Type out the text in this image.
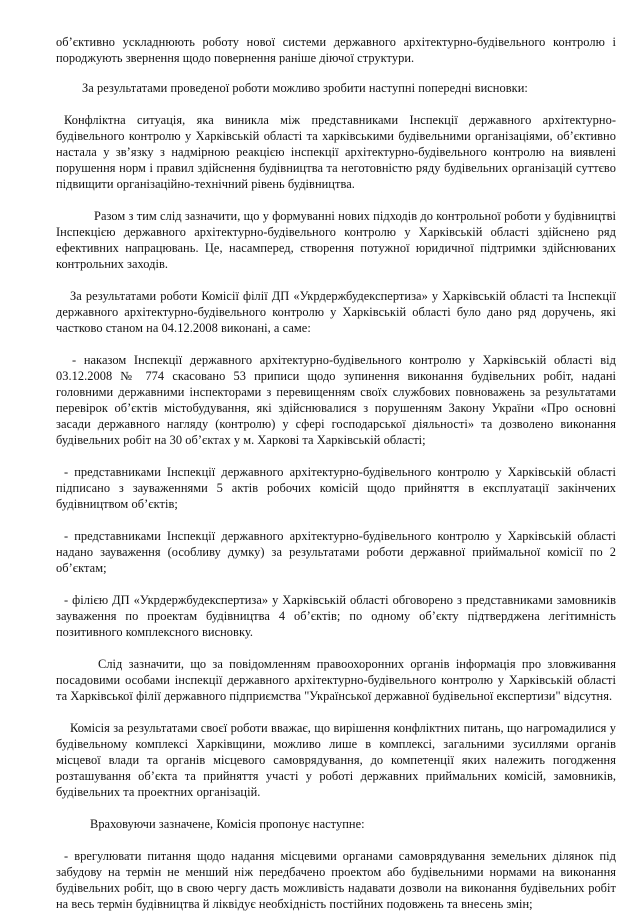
об’єктивно ускладнюють роботу нової системи державного архітектурно-будівельного контролю і породжують звернення щодо повернення раніше діючої структури.

За результатами проведеної роботи можливо зробити наступні попередні висновки:

Конфліктна ситуація, яка виникла між представниками Інспекції державного архітектурно-будівельного контролю у Харківській області та харківськими будівельними організаціями, об’єктивно настала у зв’язку з надмірною реакцією інспекції архітектурно-будівельного контролю на виявлені порушення норм і правил здійснення будівництва та неготовністю ряду будівельних організацій суттєво підвищити організаційно-технічний рівень будівництва.

Разом з тим слід зазначити, що у формуванні нових підходів до контрольної роботи у будівництві Інспекцією державного архітектурно-будівельного контролю у Харківській області здійснено ряд ефективних напрацювань. Це, насамперед, створення потужної юридичної підтримки здійснюваних контрольних заходів.

За результатами роботи Комісії філії ДП «Укрдержбудекспертиза» у Харківській області та Інспекції державного архітектурно-будівельного контролю у Харківській області було дано ряд доручень, які частково станом на 04.12.2008 виконані, а саме:

- наказом Інспекції державного архітектурно-будівельного контролю у Харківській області від 03.12.2008 № 774 скасовано 53 приписи щодо зупинення виконання будівельних робіт, надані головними державними інспекторами з перевищенням своїх службових повноважень за результатами перевірок об’єктів містобудування, які здійснювалися з порушенням Закону України «Про основні засади державного нагляду (контролю) у сфері господарської діяльності» та дозволено виконання будівельних робіт на 30 об’єктах у м. Харкові та Харківській області;

- представниками Інспекції державного архітектурно-будівельного контролю у Харківській області підписано з зауваженнями 5 актів робочих комісій щодо прийняття в експлуатації закінчених будівництвом об’єктів;

- представниками Інспекції державного архітектурно-будівельного контролю у Харківській області надано зауваження (особливу думку) за результатами роботи державної приймальної комісії по 2 об’єктам;

- філією ДП «Укрдержбудекспертиза» у Харківській області обговорено з представниками замовників зауваження по проектам будівництва 4 об’єктів; по одному об’єкту підтверджена легітимність позитивного комплексного висновку.

Слід зазначити, що за повідомленням правоохоронних органів інформація про зловживання посадовими особами інспекції державного архітектурно-будівельного контролю у Харківській області та Харківської філії державного підприємства "Української державної будівельної експертизи" відсутня.

Комісія за результатами своєї роботи вважає, що вирішення конфліктних питань, що нагромадилися у будівельному комплексі Харківщини, можливо лише в комплексі, загальними зусиллями органів місцевої влади та органів місцевого самоврядування, до компетенції яких належить погодження розташування об’єкта та прийняття участі у роботі державних приймальних комісій, замовників, будівельних та проектних організацій.

Враховуючи зазначене, Комісія пропонує наступне:

- врегулювати питання щодо надання місцевими органами самоврядування земельних ділянок під забудову на термін не менший ніж передбачено проектом або будівельними нормами на виконання будівельних робіт, що в свою чергу дасть можливість надавати дозволи на виконання будівельних робіт на весь термін будівництва й ліквідує необхідність постійних подовжень та внесень змін;
